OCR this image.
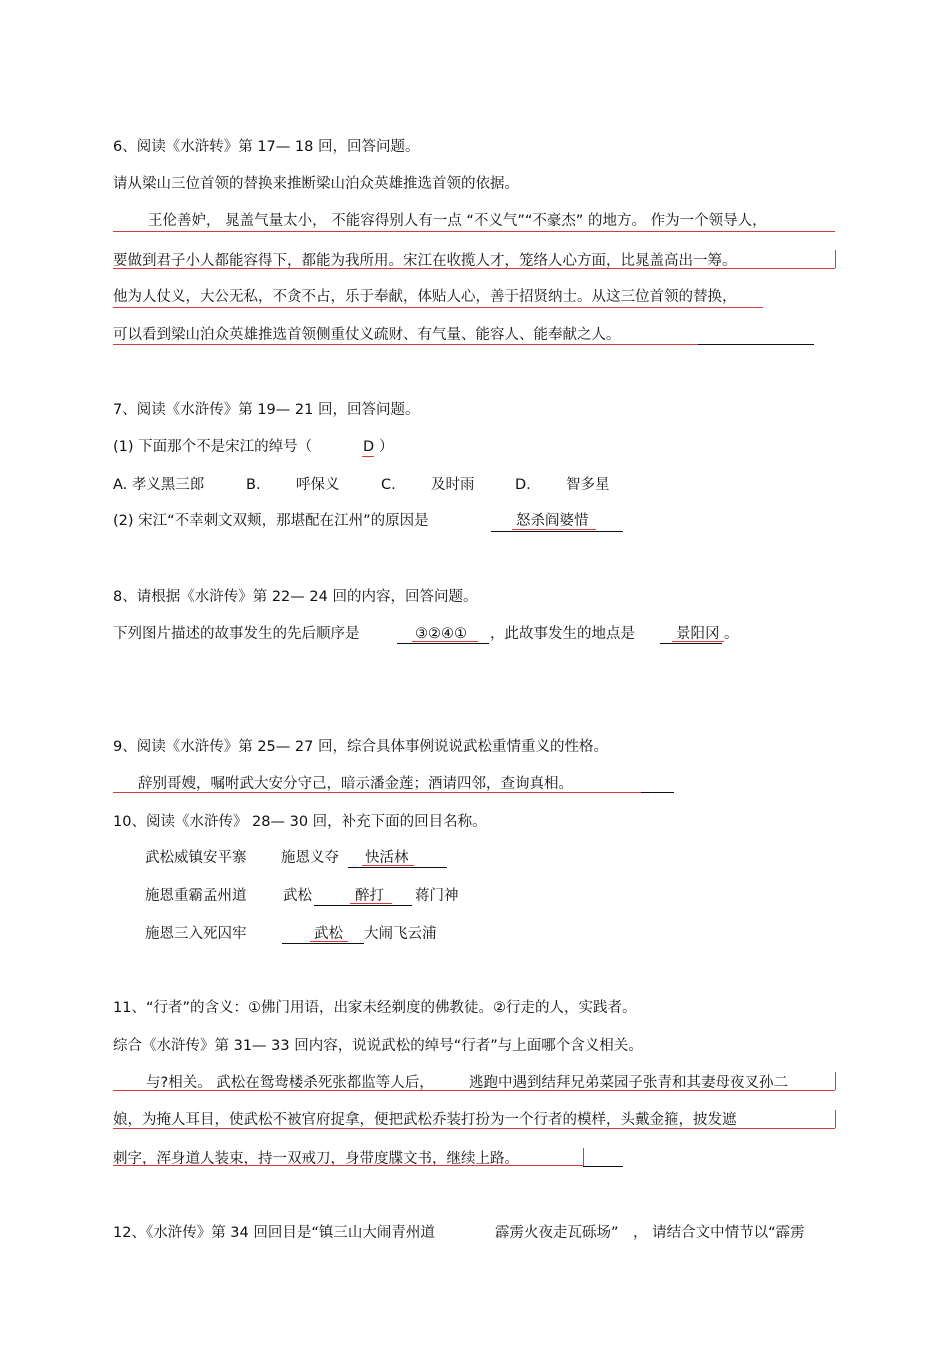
6、阅读《水浒转》第 17— 18 回，回答问题。
请从梁山三位首领的替换来推断梁山泊众英雄推选首领的依据。
王伦善妒， 晁盖气量太小， 不能容得别人有一点 “不义气”“不豪杰” 的地方。 作为一个领导人，
要做到君子小人都能容得下，都能为我所用。宋江在收揽人才，笼络人心方面，比晁盖高出一筹。
他为人仗义，大公无私，不贪不占，乐于奉献，体贴人心，善于招贤纳士。从这三位首领的替换，
可以看到梁山泊众英雄推选首领侧重仗义疏财、有气量、能容人、能奉献之人。
7、阅读《水浒传》第 19— 21 回，回答问题。
(1) 下面那个不是宋江的绰号（	D ）
A. 孝义黑三郎	B. 呼保义	C. 及时雨	D. 智多星
(2) 宋江“不幸刺文双颊，那堪配在江州”的原因是	怒杀阎婆惜
8、请根据《水浒传》第 22— 24 回的内容，回答问题。
下列图片描述的故事发生的先后顺序是	③②④① ，此故事发生的地点是	景阳冈 。
9、阅读《水浒传》第 25— 27 回，综合具体事例说说武松重情重义的性格。
辞别哥嫂，嘱咐武大安分守己，暗示潘金莲；酒请四邻，查询真相。
10、阅读《水浒传》 28— 30 回，补充下面的回目名称。
武松威镇安平寨 施恩义夺 快活林
施恩重霸孟州道	武松	醉打 蒋门神
施恩三入死囚牢	武松 大闹飞云浦
11、“行者”的含义：①佛门用语，出家未经剃度的佛教徒。②行走的人，实践者。
综合《水浒传》第 31— 33 回内容，说说武松的绰号“行者”与上面哪个含义相关。
与?相关。 武松在鸳鸯楼杀死张都监等人后， 逃跑中遇到结拜兄弟菜园子张青和其妻母夜叉孙二
娘，为掩人耳目，使武松不被官府捉拿，便把武松乔装打扮为一个行者的模样，头戴金箍，披发遮
刺字，浑身道人装束，持一双戒刀，身带度牒文书，继续上路。
12、《水浒传》第 34 回回目是“镇三山大闹青州道	霹雳火夜走瓦砾场” ， 请结合文中情节以“霹雳
